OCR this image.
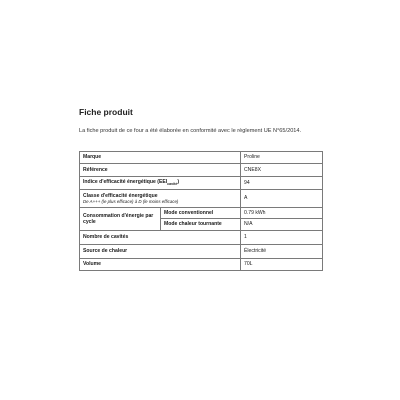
Fiche produit
La fiche produit de ce four a été élaborée en conformité avec le règlement UE N°65/2014.
Marque		Proline
Référence		CNE8X
Indice d'efficacité énergétique $(EEI_{cavité})$		94
Classe d'efficacité énergétique
De A+++ (le plus efficace) à D (le moins efficace)		A
Consommation d'énergie par cycle	Mode conventionnel	0.79 kWh
	Mode chaleur tournante	N/A
Nombre de cavités		1
Source de chaleur		Électricité
Volume		70L
